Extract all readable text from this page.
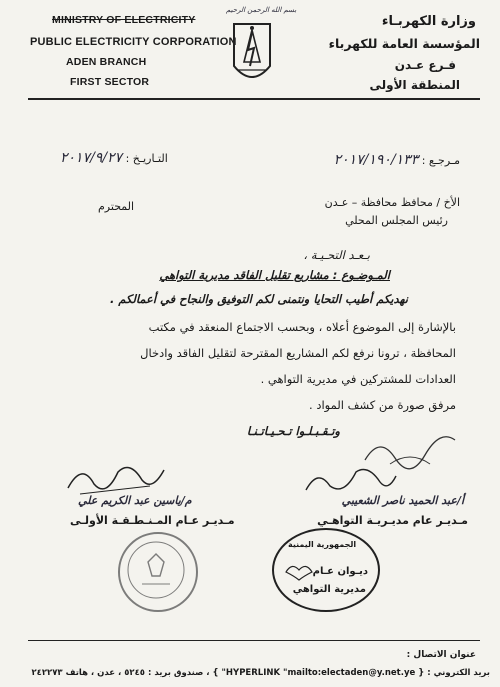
MINISTRY OF ELECTRICITY
PUBLIC ELECTRICITY CORPORATION
ADEN BRANCH
FIRST SECTOR
بسم الله الرحمن الرحيم
وزارة الكهربـاء
المؤسسة العامة للكهرباء
فـرع عـدن
المنطقة الأولى
مـرجـع : ٢٠١٧/١٩٠/١٣٣
التـاريـخ : ٢٠١٧/٩/٢٧
الأخ / محافظ محافظة – عـدن
رئيس المجلس المحلي
المحترم
بـعـد التحـيـة ،
المـوضـوع : مشاريع تقليل الفاقد مديرية التواهي
نهديكم أطيب التحايا ونتمنى لكم التوفيق والنجاح في أعمالكم .
بالإشارة إلى الموضوع أعلاه ، وبحسب الاجتماع المنعقد في مكتب
المحافظة ، ترونا نرفع لكم المشاريع المقترحة لتقليل الفاقد وادخال
العدادات للمشتركين في مديرية التواهي .
مرفق صورة من كشف المواد .
وتـقـبـلـوا تـحـيـاتـنـا
م/ياسين عبد الكريم علي
مـديـر عـام المـنـطـقـة الأولـى
أ/عبد الحميد ناصر الشعيبي
مـديـر عام مديـريـة التواهـي
الجمهورية اليمنية
ديـوان عـام
مديرية التواهي
عنوان الاتصال :
بريد الكتروني : { HYPERLINK "mailto:electaden@y.net.ye" } ، صندوق بريد : ٥٢٤٥ ، عدن ، هاتف ٢٤٢٢٧٣
